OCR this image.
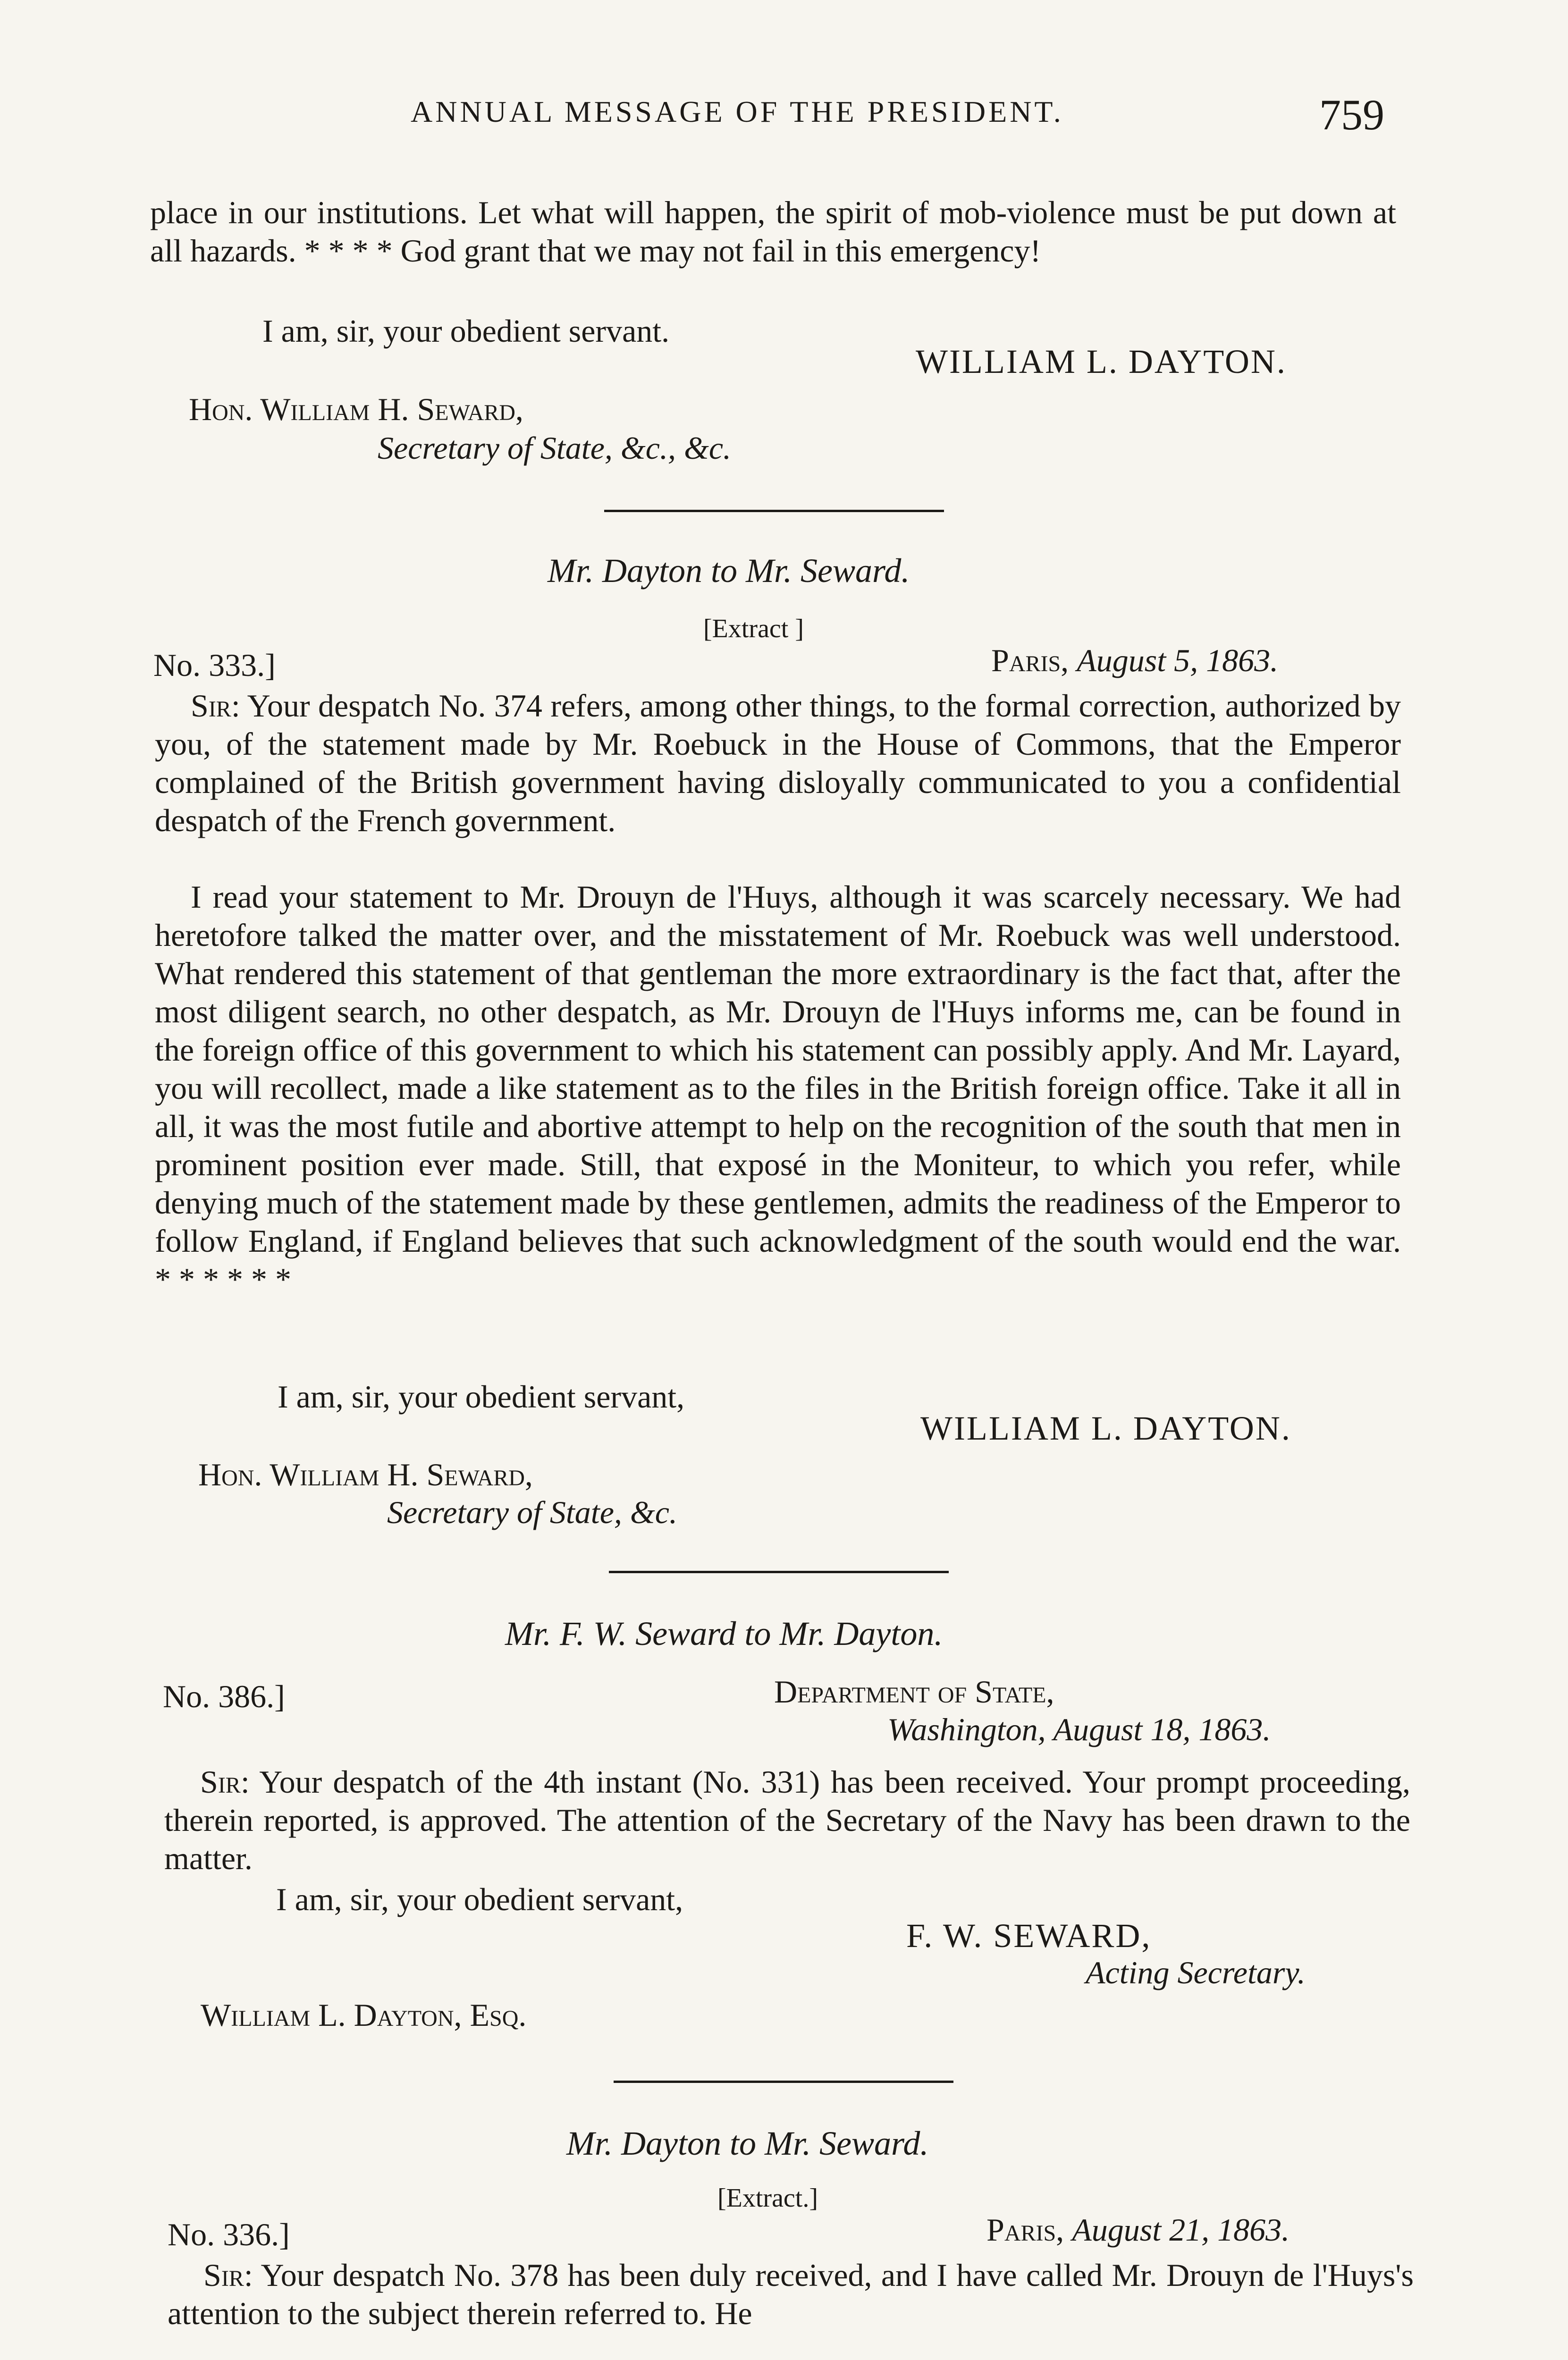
ANNUAL MESSAGE OF THE PRESIDENT.	759
place in our institutions. Let what will happen, the spirit of mob-violence must be put down at all hazards. * * * * God grant that we may not fail in this emergency!
I am, sir, your obedient servant.
WILLIAM L. DAYTON.
Hon. William H. Seward,
Secretary of State, &c., &c.
Mr. Dayton to Mr. Seward.
[Extract ]
No. 333.]	Paris, August 5, 1863.
Sir: Your despatch No. 374 refers, among other things, to the formal correction, authorized by you, of the statement made by Mr. Roebuck in the House of Commons, that the Emperor complained of the British government having disloyally communicated to you a confidential despatch of the French government.
I read your statement to Mr. Drouyn de l'Huys, although it was scarcely necessary. We had heretofore talked the matter over, and the misstatement of Mr. Roebuck was well understood. What rendered this statement of that gentleman the more extraordinary is the fact that, after the most diligent search, no other despatch, as Mr. Drouyn de l'Huys informs me, can be found in the foreign office of this government to which his statement can possibly apply. And Mr. Layard, you will recollect, made a like statement as to the files in the British foreign office. Take it all in all, it was the most futile and abortive attempt to help on the recognition of the south that men in prominent position ever made. Still, that exposé in the Moniteur, to which you refer, while denying much of the statement made by these gentlemen, admits the readiness of the Emperor to follow England, if England believes that such acknowledgment of the south would end the war. * * * * * *
I am, sir, your obedient servant,
WILLIAM L. DAYTON.
Hon. William H. Seward,
Secretary of State, &c.
Mr. F. W. Seward to Mr. Dayton.
No. 386.]	Department of State,
Washington, August 18, 1863.
Sir: Your despatch of the 4th instant (No. 331) has been received. Your prompt proceeding, therein reported, is approved. The attention of the Secretary of the Navy has been drawn to the matter.
I am, sir, your obedient servant,
F. W. SEWARD,
Acting Secretary.
William L. Dayton, Esq.
Mr. Dayton to Mr. Seward.
[Extract.]
No. 336.]	Paris, August 21, 1863.
Sir: Your despatch No. 378 has been duly received, and I have called Mr. Drouyn de l'Huys's attention to the subject therein referred to. He
